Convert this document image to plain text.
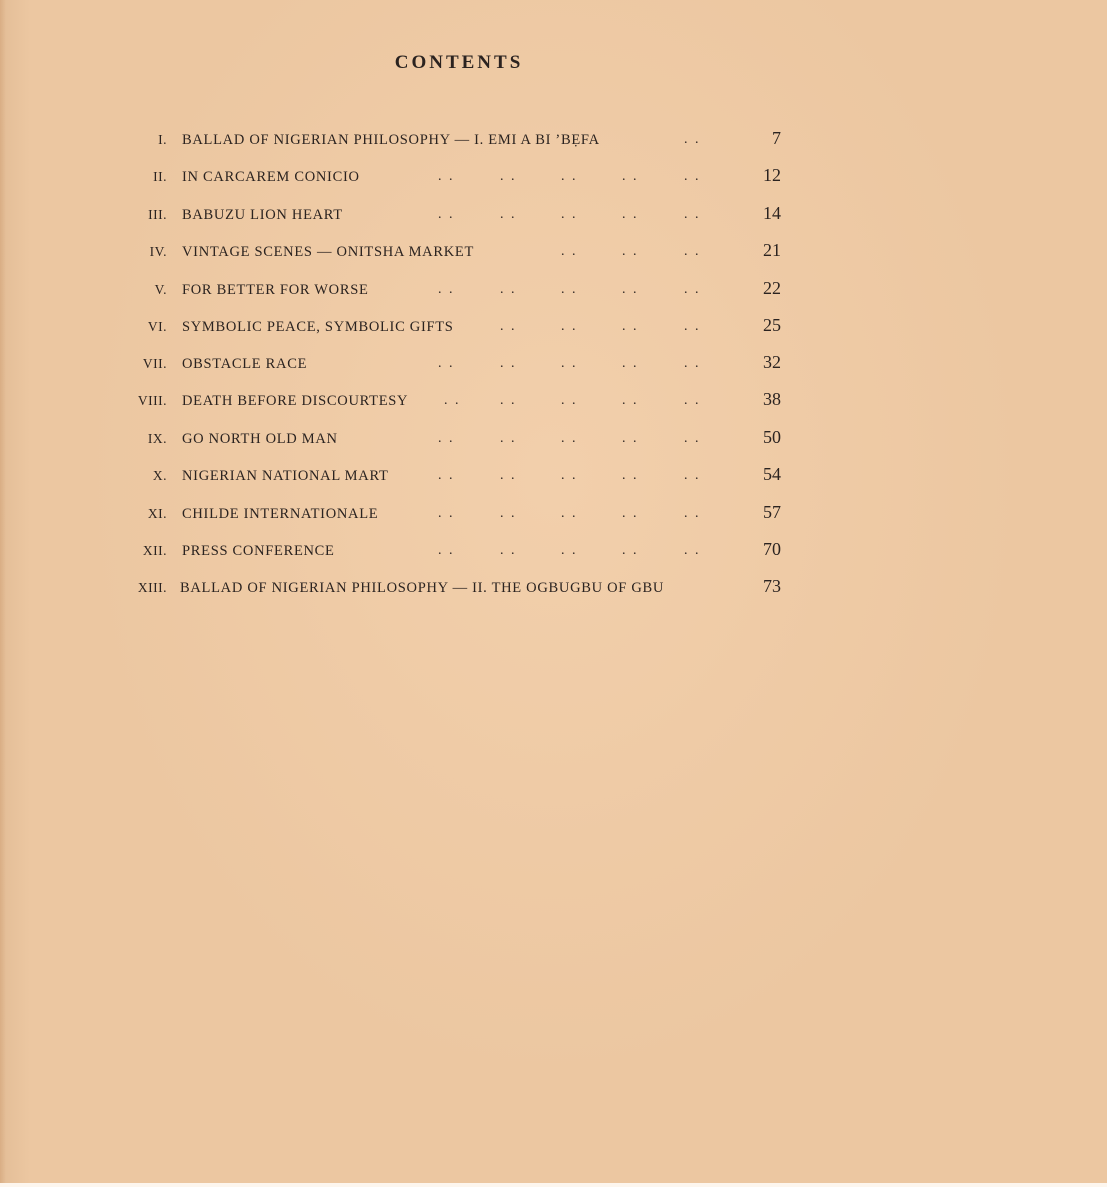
CONTENTS
I. BALLAD OF NIGERIAN PHILOSOPHY — I. EMI A BI ’BẸFA	. .	7
II. IN CARCAREM CONICIO	. .	. .	. .	. .	. .	12
III. BABUZU LION HEART	. .	. .	. .	. .	. .	14
IV. VINTAGE SCENES — ONITSHA MARKET	. .	. .	. .	21
V. FOR BETTER FOR WORSE	. .	. .	. .	. .	. .	22
VI. SYMBOLIC PEACE, SYMBOLIC GIFTS	. .	. .	. .	. .	25
VII. OBSTACLE RACE	. .	. .	. .	. .	. .	32
VIII. DEATH BEFORE DISCOURTESY	. .	. .	. .	. .	. .	38
IX. GO NORTH OLD MAN	. .	. .	. .	. .	. .	50
X. NIGERIAN NATIONAL MART	. .	. .	. .	. .	. .	54
XI. CHILDE INTERNATIONALE	. .	. .	. .	. .	. .	57
XII. PRESS CONFERENCE	. .	. .	. .	. .	. .	70
XIII. BALLAD OF NIGERIAN PHILOSOPHY — II. THE OGBUGBU OF GBU	73
